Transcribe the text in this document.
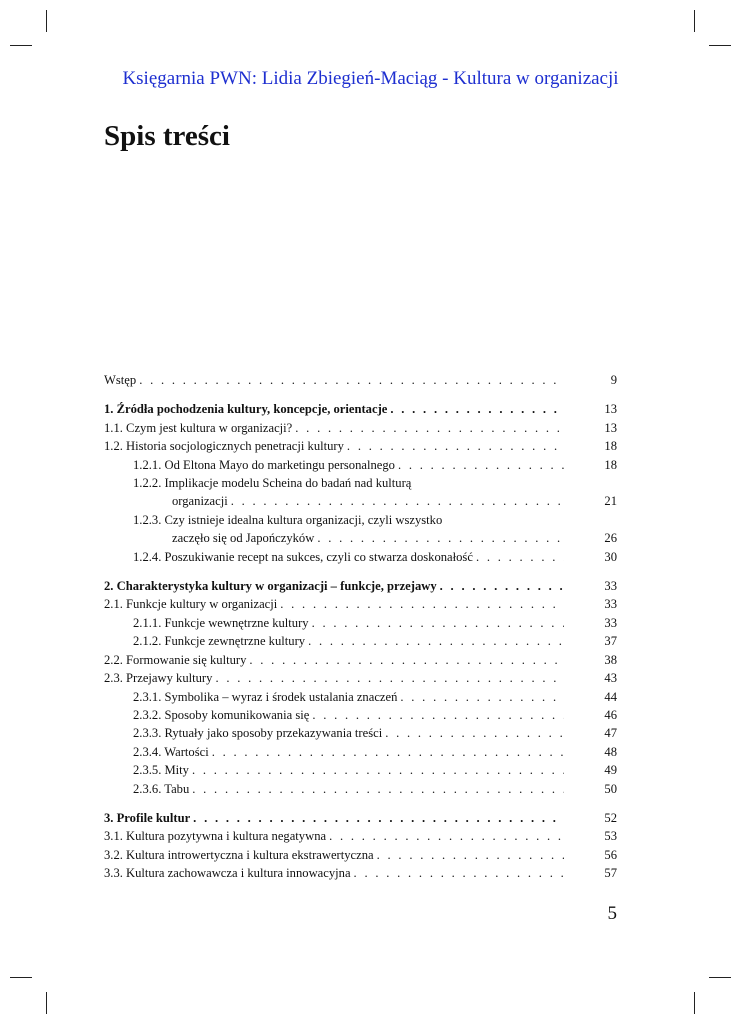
Księgarnia PWN: Lidia Zbiegień-Maciąg - Kultura w organizacji
Spis treści
Wstęp . . .	9
1. Źródła pochodzenia kultury, koncepcje, orientacje . . .	13
1.1. Czym jest kultura w organizacji? . . .	13
1.2. Historia socjologicznych penetracji kultury . . .	18
1.2.1. Od Eltona Mayo do marketingu personalnego . . .	18
1.2.2. Implikacje modelu Scheina do badań nad kulturą
organizacji . . .	21
1.2.3. Czy istnieje idealna kultura organizacji, czyli wszystko
zaczęło się od Japończyków . . .	26
1.2.4. Poszukiwanie recept na sukces, czyli co stwarza doskonałość . . .	30
2. Charakterystyka kultury w organizacji – funkcje, przejawy . . .	33
2.1. Funkcje kultury w organizacji . . .	33
2.1.1. Funkcje wewnętrzne kultury . . .	33
2.1.2. Funkcje zewnętrzne kultury . . .	37
2.2. Formowanie się kultury . . .	38
2.3. Przejawy kultury . . .	43
2.3.1. Symbolika – wyraz i środek ustalania znaczeń . . .	44
2.3.2. Sposoby komunikowania się . . .	46
2.3.3. Rytuały jako sposoby przekazywania treści . . .	47
2.3.4. Wartości . . .	48
2.3.5. Mity . . .	49
2.3.6. Tabu . . .	50
3. Profile kultur . . .	52
3.1. Kultura pozytywna i kultura negatywna . . .	53
3.2. Kultura introwertyczna i kultura ekstrawertyczna . . .	56
3.3. Kultura zachowawcza i kultura innowacyjna . . .	57
5
